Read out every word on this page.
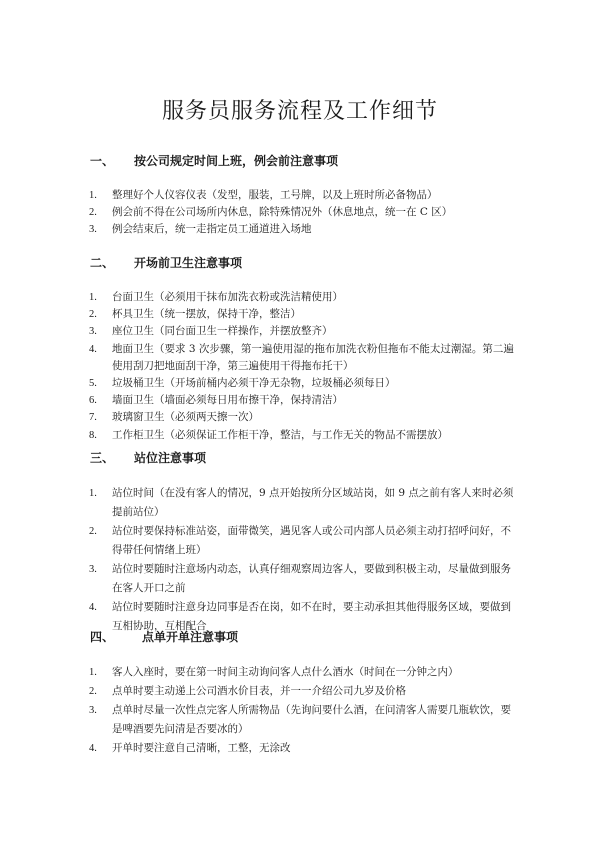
服务员服务流程及工作细节
一、 按公司规定时间上班，例会前注意事项
1. 整理好个人仪容仪表（发型，服装，工号牌，以及上班时所必备物品）
2. 例会前不得在公司场所内休息，除特殊情况外（休息地点，统一在 C 区）
3. 例会结束后，统一走指定员工通道进入场地
二、 开场前卫生注意事项
1. 台面卫生（必须用干抹布加洗衣粉或洗洁精使用）
2. 杯具卫生（统一摆放，保持干净，整洁）
3. 座位卫生（同台面卫生一样操作，并摆放整齐）
4. 地面卫生（要求 3 次步骤，第一遍使用湿的拖布加洗衣粉但拖布不能太过潮湿。第二遍使用刮刀把地面刮干净，第三遍使用干得拖布托干）
5. 垃圾桶卫生（开场前桶内必须干净无杂物，垃圾桶必须每日）
6. 墙面卫生（墙面必须每日用布擦干净，保持清洁）
7. 玻璃窗卫生（必须两天擦一次）
8. 工作柜卫生（必须保证工作柜干净，整洁，与工作无关的物品不需摆放）
三、 站位注意事项
1. 站位时间（在没有客人的情况，9 点开始按所分区域站岗，如 9 点之前有客人来时必须提前站位）
2. 站位时要保持标准站姿，面带微笑，遇见客人或公司内部人员必须主动打招呼问好，不得带任何情绪上班）
3. 站位时要随时注意场内动态，认真仔细观察周边客人，要做到积极主动，尽量做到服务在客人开口之前
4. 站位时要随时注意身边同事是否在岗，如不在时，要主动承担其他得服务区域，要做到互相协助，互相配合
四、 点单开单注意事项
1. 客人入座时，要在第一时间主动询问客人点什么酒水（时间在一分钟之内）
2. 点单时要主动递上公司酒水价目表，并一一介绍公司九岁及价格
3. 点单时尽量一次性点完客人所需物品（先询问要什么酒，在问清客人需要几瓶软饮，要是啤酒要先问清是否要冰的）
4. 开单时要注意自己清晰，工整，无涂改
